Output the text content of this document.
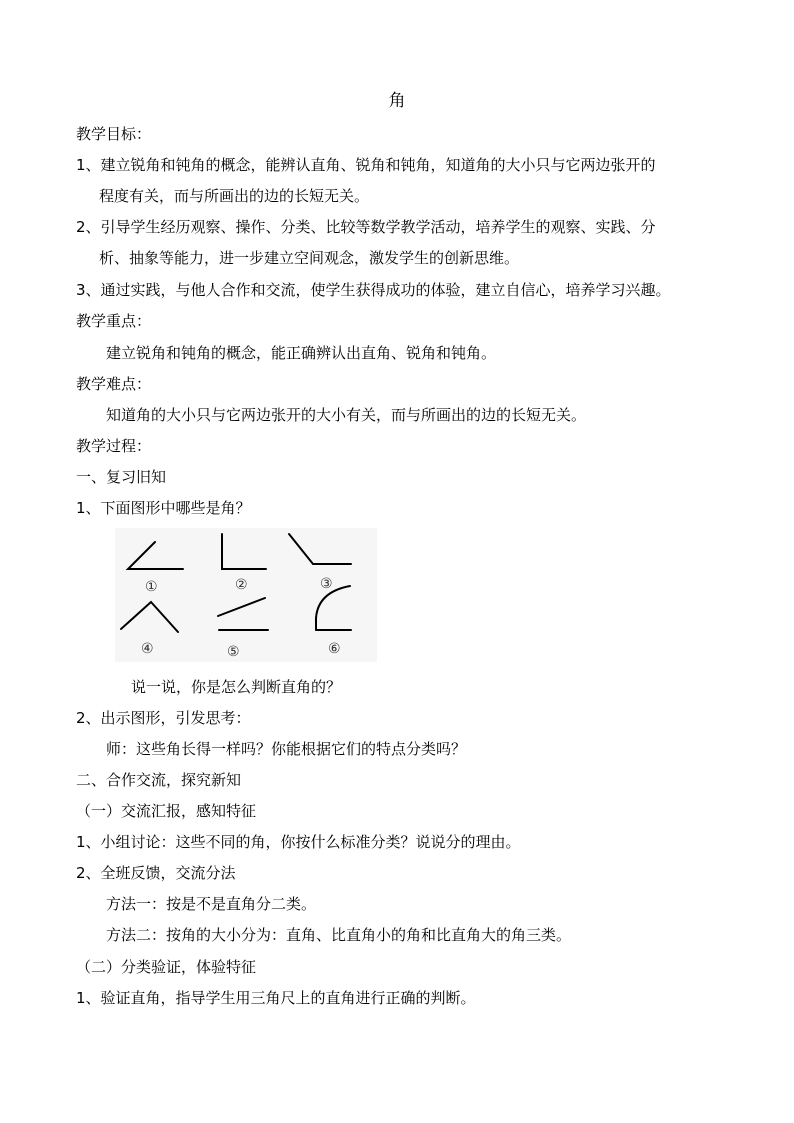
角
教学目标：
1、建立锐角和钝角的概念，能辨认直角、锐角和钝角，知道角的大小只与它两边张开的
程度有关，而与所画出的边的长短无关。
2、引导学生经历观察、操作、分类、比较等数学教学活动，培养学生的观察、实践、分
析、抽象等能力，进一步建立空间观念，激发学生的创新思维。
3、通过实践，与他人合作和交流，使学生获得成功的体验，建立自信心，培养学习兴趣。
教学重点：
建立锐角和钝角的概念，能正确辨认出直角、锐角和钝角。
教学难点：
知道角的大小只与它两边张开的大小有关，而与所画出的边的长短无关。
教学过程：
一、复习旧知
1、下面图形中哪些是角？
①	②	③
④	⑤	⑥
说一说，你是怎么判断直角的？
2、出示图形，引发思考：
师：这些角长得一样吗？你能根据它们的特点分类吗？
二、合作交流，探究新知
（一）交流汇报，感知特征
1、小组讨论：这些不同的角，你按什么标准分类？说说分的理由。
2、全班反馈，交流分法
方法一：按是不是直角分二类。
方法二：按角的大小分为：直角、比直角小的角和比直角大的角三类。
（二）分类验证，体验特征
1、验证直角，指导学生用三角尺上的直角进行正确的判断。
